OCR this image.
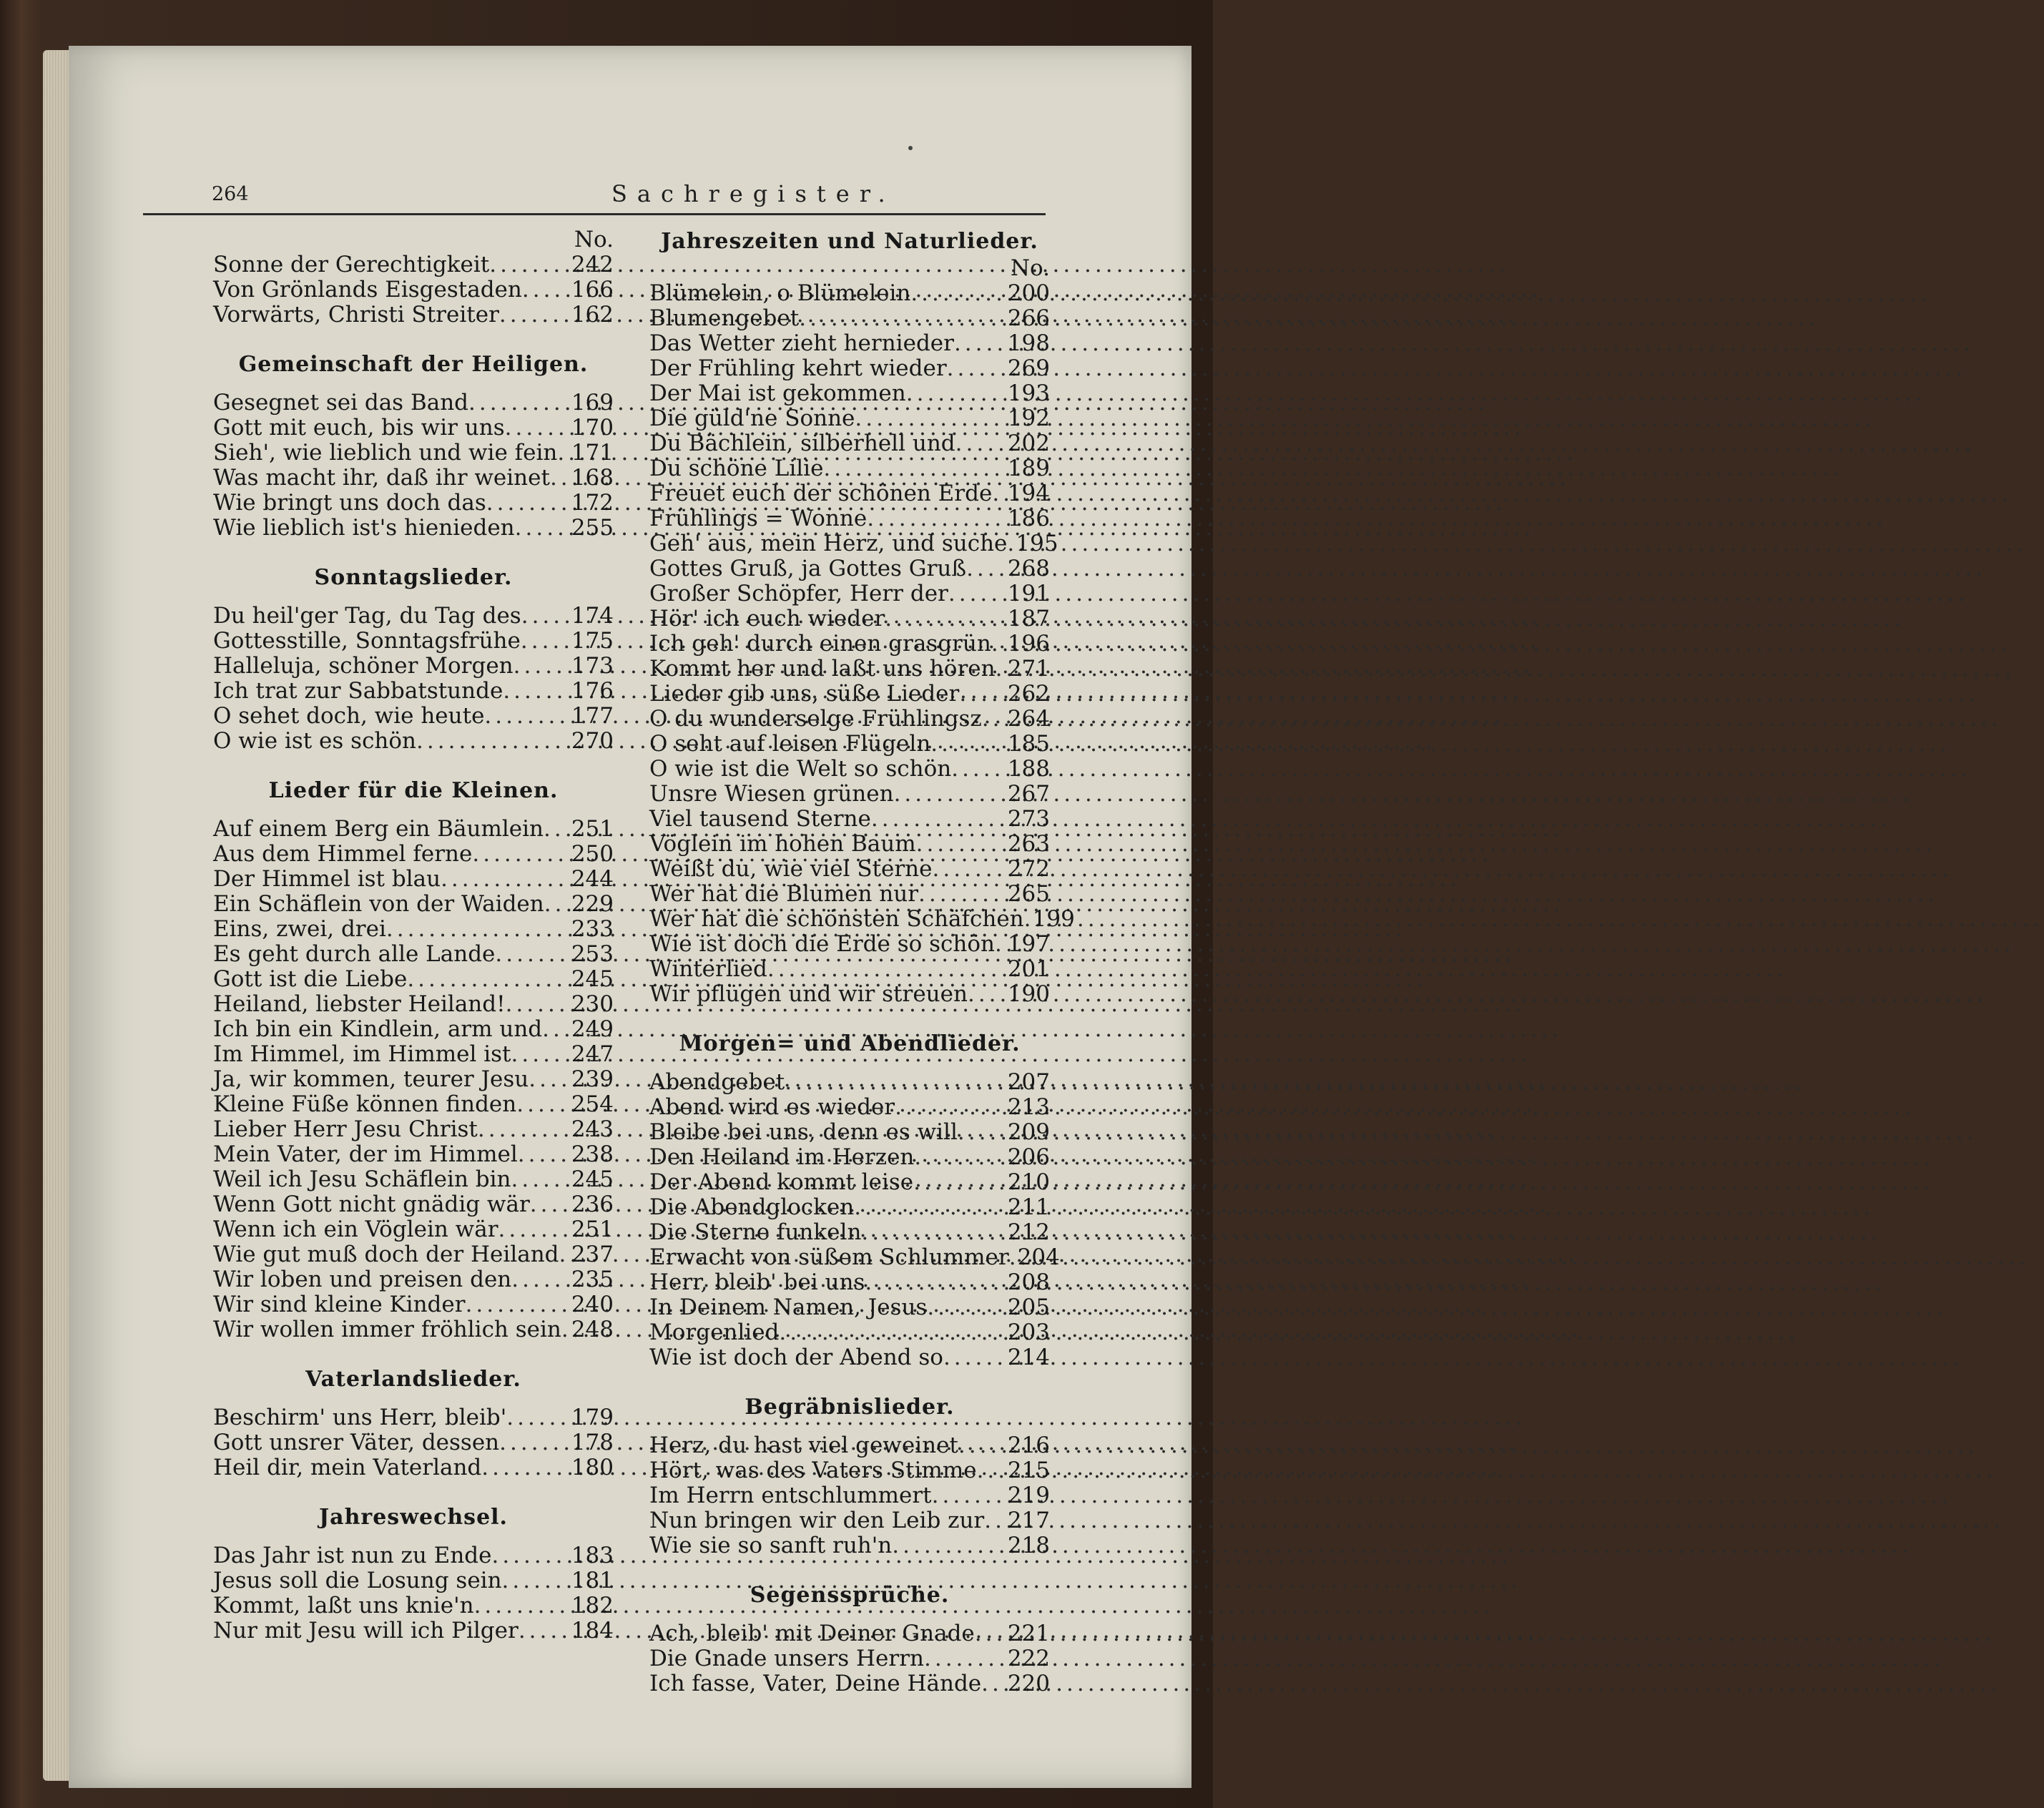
264	Sachregister.
No.
Sonne der Gerechtigkeit .....	242
Von Grönlands Eisgestaden ..... 166
Vorwärts, Christi Streiter .....	162
Gemeinschaft der Heiligen.
Gesegnet sei das Band .....	169
Gott mit euch, bis wir uns .....	170
Sieh', wie lieblich und wie fein ..... 171
Was macht ihr, daß ihr weinet ..... 168
Wie bringt uns doch das .....	172
Wie lieblich ist's hienieden .....	255
Sonntagslieder.
Du heil'ger Tag, du Tag des ..... 174
Gottesstille, Sonntagsfrühe ..... 175
Halleluja, schöner Morgen .....	173
Ich trat zur Sabbatstunde .....	176
O sehet doch, wie heute .....	177
O wie ist es schön .....	270
Lieder für die Kleinen.
Auf einem Berg ein Bäumlein ..... 251
Aus dem Himmel ferne .....	250
Der Himmel ist blau .....	244
Ein Schäflein von der Waiden ..... 229
Eins, zwei, drei .....	233
Es geht durch alle Lande .....	253
Gott ist die Liebe .....	245
Heiland, liebster Heiland! .....	230
Ich bin ein Kindlein, arm und ..... 249
Im Himmel, im Himmel ist .....	247
Ja, wir kommen, teurer Jesu ..... 239
Kleine Füße können finden ..... 254
Lieber Herr Jesu Christ .....	243
Mein Vater, der im Himmel ..... 238
Weil ich Jesu Schäflein bin .....	245
Wenn Gott nicht gnädig wär ..... 236
Wenn ich ein Vöglein wär .....	251
Wie gut muß doch der Heiland ..... 237
Wir loben und preisen den .....	235
Wir sind kleine Kinder .....	240
Wir wollen immer fröhlich sein ..... 248
Vaterlandslieder.
Beschirm' uns Herr, bleib' .....	179
Gott unsrer Väter, dessen .....	178
Heil dir, mein Vaterland .....	180
Jahreswechsel.
Das Jahr ist nun zu Ende .....	183
Jesus soll die Losung sein .....	181
Kommt, laßt uns knie'n .....	182
Nur mit Jesu will ich Pilger ..... 184
Jahreszeiten und Naturlieder.
No.
Blümelein, o Blümelein .....	200
Blumengebet .....	266
Das Wetter zieht hernieder ..... 198
Der Frühling kehrt wieder .....	269
Der Mai ist gekommen .....	193
Die güld'ne Sonne .....	192
Du Bächlein, silberhell und ..... 202
Du schöne Lilie .....	189
Freuet euch der schönen Erde ..... 194
Frühlings = Wonne .....	186
Geh' aus, mein Herz, und suche ..... 195
Gottes Gruß, ja Gottes Gruß ..... 268
Großer Schöpfer, Herr der .....	191
Hör' ich euch wieder .....	187
Ich geh' durch einen grasgrün ..... 196
Kommt her und laßt uns hören ..... 271
Lieder gib uns, süße Lieder ..... 262
O du wunderselge Frühlingsz ..... 264
O seht auf leisen Flügeln .....	185
O wie ist die Welt so schön .....	188
Unsre Wiesen grünen .....	267
Viel tausend Sterne .....	273
Vöglein im hohen Baum .....	263
Weißt du, wie viel Sterne .....	272
Wer hat die Blumen nur .....	265
Wer hat die schönsten Schäfchen ..... 199
Wie ist doch die Erde so schön ..... 197
Winterlied .....	201
Wir pflügen und wir streuen ..... 190
Morgen= und Abendlieder.
Abendgebet .....	207
Abend wird es wieder .....	213
Bleibe bei uns, denn es will ..... 209
Den Heiland im Herzen .....	206
Der Abend kommt leise .....	210
Die Abendglocken .....	211
Die Sterne funkeln .....	212
Erwacht von süßem Schlummer ..... 204
Herr, bleib' bei uns .....	208
In Deinem Namen, Jesus .....	205
Morgenlied .....	203
Wie ist doch der Abend so .....	214
Begräbnislieder.
Herz, du hast viel geweinet ..... 216
Hört, was des Vaters Stimme ..... 215
Im Herrn entschlummert .....	219
Nun bringen wir den Leib zur ..... 217
Wie sie so sanft ruh'n .....	218
Segenssprüche.
Ach, bleib' mit Deiner Gnade ..... 221
Die Gnade unsers Herrn .....	222
Ich fasse, Vater, Deine Hände ..... 220
